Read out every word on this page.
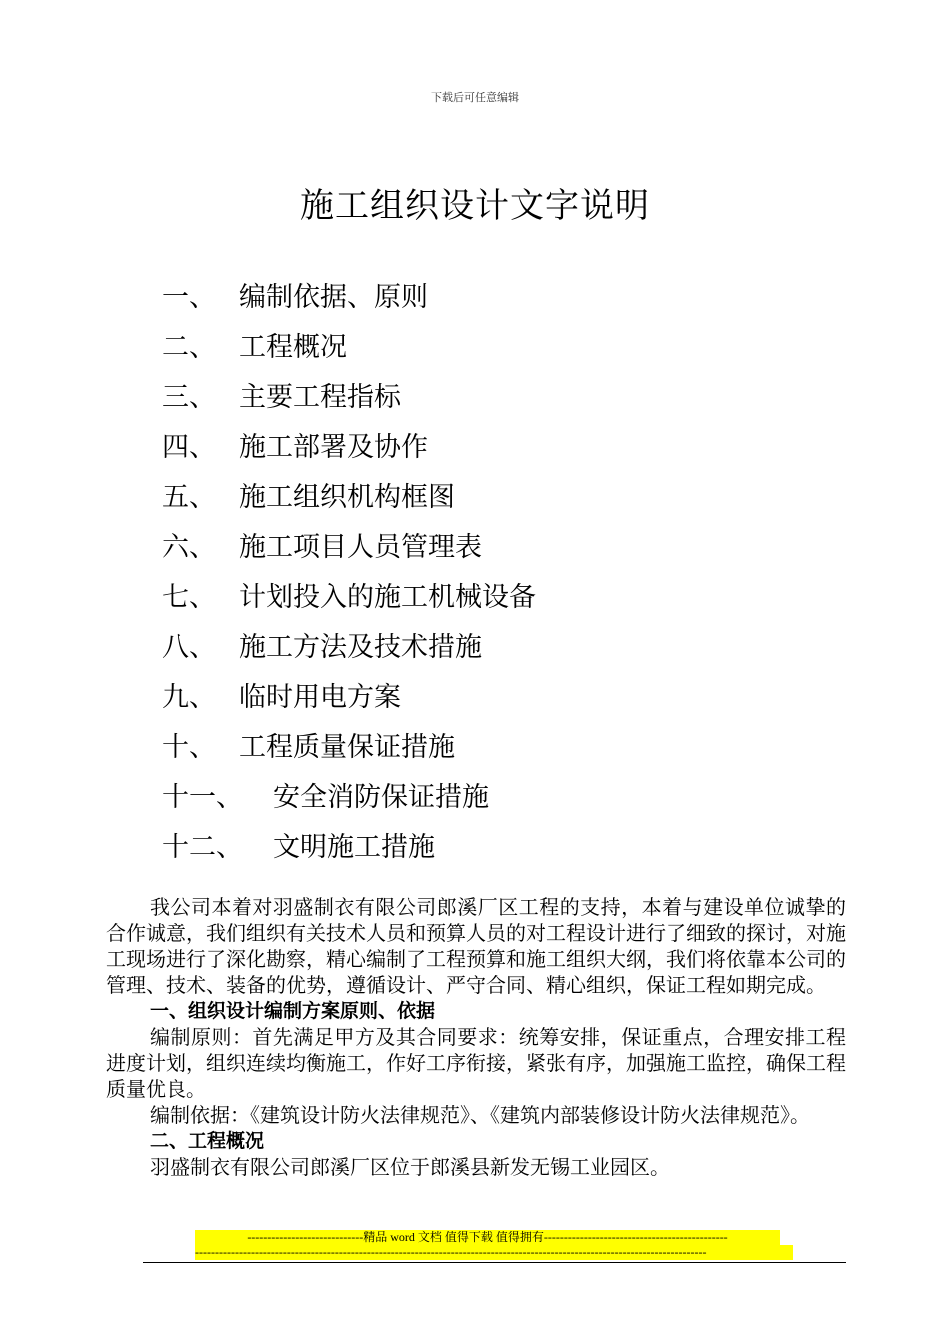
下载后可任意编辑
施工组织设计文字说明
一、 编制依据、原则
二、 工程概况
三、 主要工程指标
四、 施工部署及协作
五、 施工组织机构框图
六、 施工项目人员管理表
七、 计划投入的施工机械设备
八、 施工方法及技术措施
九、 临时用电方案
十、 工程质量保证措施
十一、 安全消防保证措施
十二、 文明施工措施

我公司本着对羽盛制衣有限公司郎溪厂区工程的支持，本着与建设单位诚挚的合作诚意，我们组织有关技术人员和预算人员的对工程设计进行了细致的探讨，对施工现场进行了深化勘察，精心编制了工程预算和施工组织大纲，我们将依靠本公司的管理、技术、装备的优势，遵循设计、严守合同、精心组织，保证工程如期完成。

一、组织设计编制方案原则、依据

编制原则：首先满足甲方及其合同要求：统筹安排，保证重点，合理安排工程进度计划，组织连续均衡施工，作好工序衔接，紧张有序，加强施工监控，确保工程质量优良。

编制依据：《建筑设计防火法律规范》、《建筑内部装修设计防火法律规范》。

二、工程概况

羽盛制衣有限公司郎溪厂区位于郎溪县新发无锡工业园区。

-----------------------------精品 word 文档 值得下载 值得拥有----------------------------------------------
--------------------------------------------------------------------------------------------------------------------------------
